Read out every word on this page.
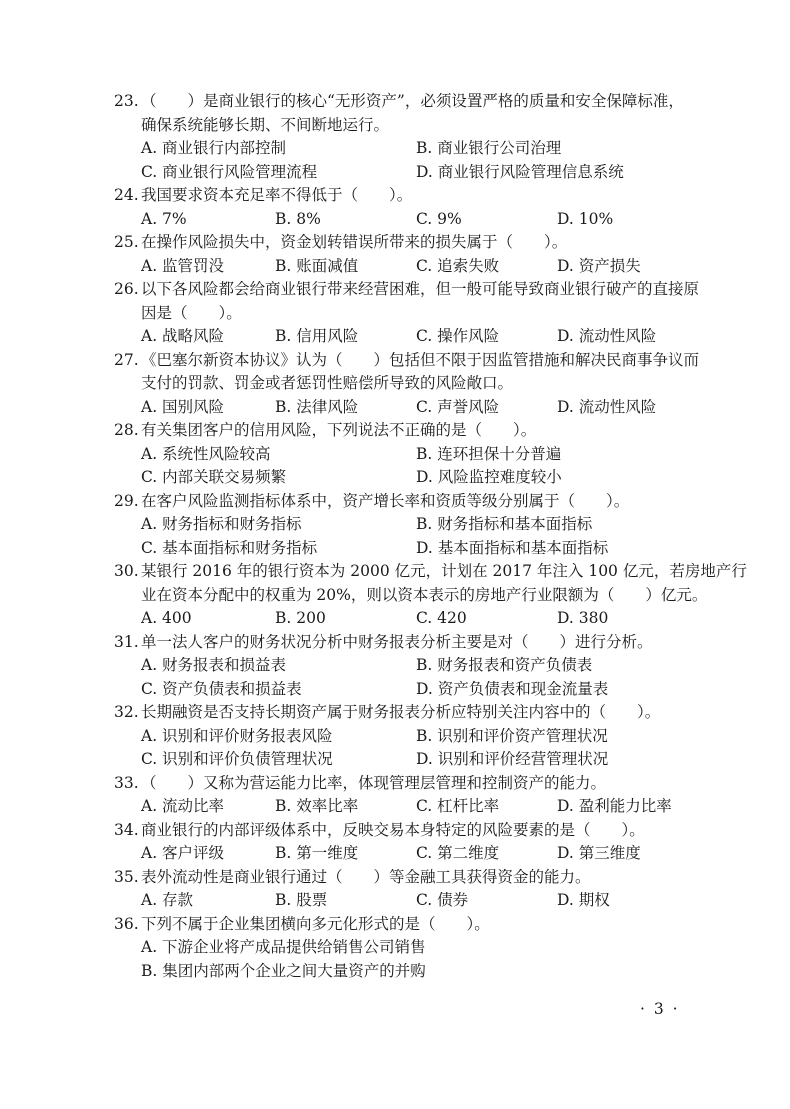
23. （　　）是商业银行的核心“无形资产”，必须设置严格的质量和安全保障标准，
确保系统能够长期、不间断地运行。
A. 商业银行内部控制	B. 商业银行公司治理
C. 商业银行风险管理流程	D. 商业银行风险管理信息系统
24. 我国要求资本充足率不得低于（　　）。
A. 7%	B. 8%	C. 9%	D. 10%
25. 在操作风险损失中，资金划转错误所带来的损失属于（　　）。
A. 监管罚没	B. 账面减值	C. 追索失败	D. 资产损失
26. 以下各风险都会给商业银行带来经营困难，但一般可能导致商业银行破产的直接原
因是（　　）。
A. 战略风险	B. 信用风险	C. 操作风险	D. 流动性风险
27. 《巴塞尔新资本协议》认为（　　）包括但不限于因监管措施和解决民商事争议而
支付的罚款、罚金或者惩罚性赔偿所导致的风险敞口。
A. 国别风险	B. 法律风险	C. 声誉风险	D. 流动性风险
28. 有关集团客户的信用风险，下列说法不正确的是（　　）。
A. 系统性风险较高	B. 连环担保十分普遍
C. 内部关联交易频繁	D. 风险监控难度较小
29. 在客户风险监测指标体系中，资产增长率和资质等级分别属于（　　）。
A. 财务指标和财务指标	B. 财务指标和基本面指标
C. 基本面指标和财务指标	D. 基本面指标和基本面指标
30. 某银行 2016 年的银行资本为 2000 亿元，计划在 2017 年注入 100 亿元，若房地产行
业在资本分配中的权重为 20%，则以资本表示的房地产行业限额为（　　）亿元。
A. 400	B. 200	C. 420	D. 380
31. 单一法人客户的财务状况分析中财务报表分析主要是对（　　）进行分析。
A. 财务报表和损益表	B. 财务报表和资产负债表
C. 资产负债表和损益表	D. 资产负债表和现金流量表
32. 长期融资是否支持长期资产属于财务报表分析应特别关注内容中的（　　）。
A. 识别和评价财务报表风险	B. 识别和评价资产管理状况
C. 识别和评价负债管理状况	D. 识别和评价经营管理状况
33. （　　）又称为营运能力比率，体现管理层管理和控制资产的能力。
A. 流动比率	B. 效率比率	C. 杠杆比率	D. 盈利能力比率
34. 商业银行的内部评级体系中，反映交易本身特定的风险要素的是（　　）。
A. 客户评级	B. 第一维度	C. 第二维度	D. 第三维度
35. 表外流动性是商业银行通过（　　）等金融工具获得资金的能力。
A. 存款	B. 股票	C. 债券	D. 期权
36. 下列不属于企业集团横向多元化形式的是（　　）。
A. 下游企业将产成品提供给销售公司销售
B. 集团内部两个企业之间大量资产的并购
· 3 ·
